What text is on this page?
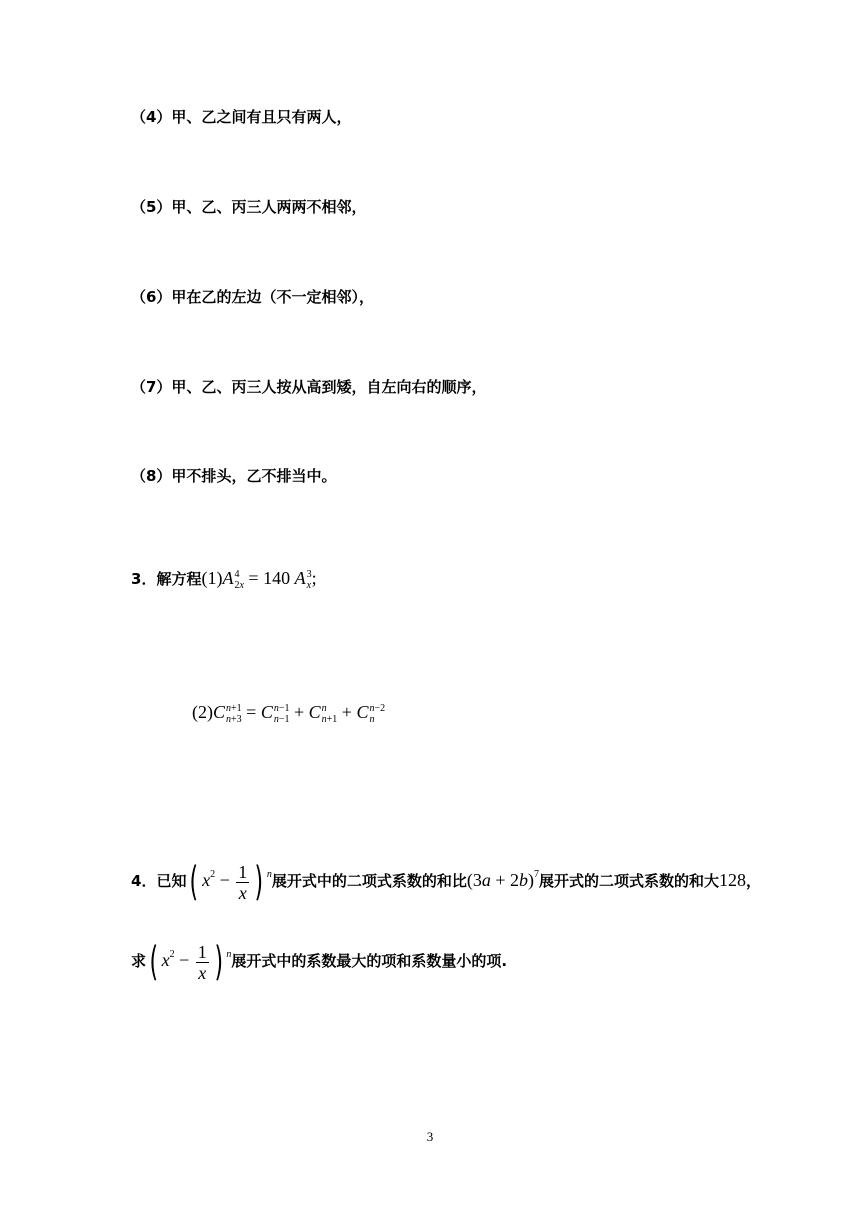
（4）甲、乙之间有且只有两人，
（5）甲、乙、丙三人两两不相邻，
（6）甲在乙的左边（不一定相邻），
（7）甲、乙、丙三人按从高到矮，自左向右的顺序，
（8）甲不排头，乙不排当中。
3．解方程(1)A 4
2x = 140 A 3
x ;
(2)C n+1
n+3 = C n−1
n−1 + C n
n+1 + C n−2
n
4．已知( $x^2 - \frac{1}{x}$ ) $^n$展开式中的二项式系数的和比$(3a + 2b)^7$展开式的二项式系数的和大128，
求( $x^2 - \frac{1}{x}$ ) $^n$展开式中的系数最大的项和系数量小的项.
3
